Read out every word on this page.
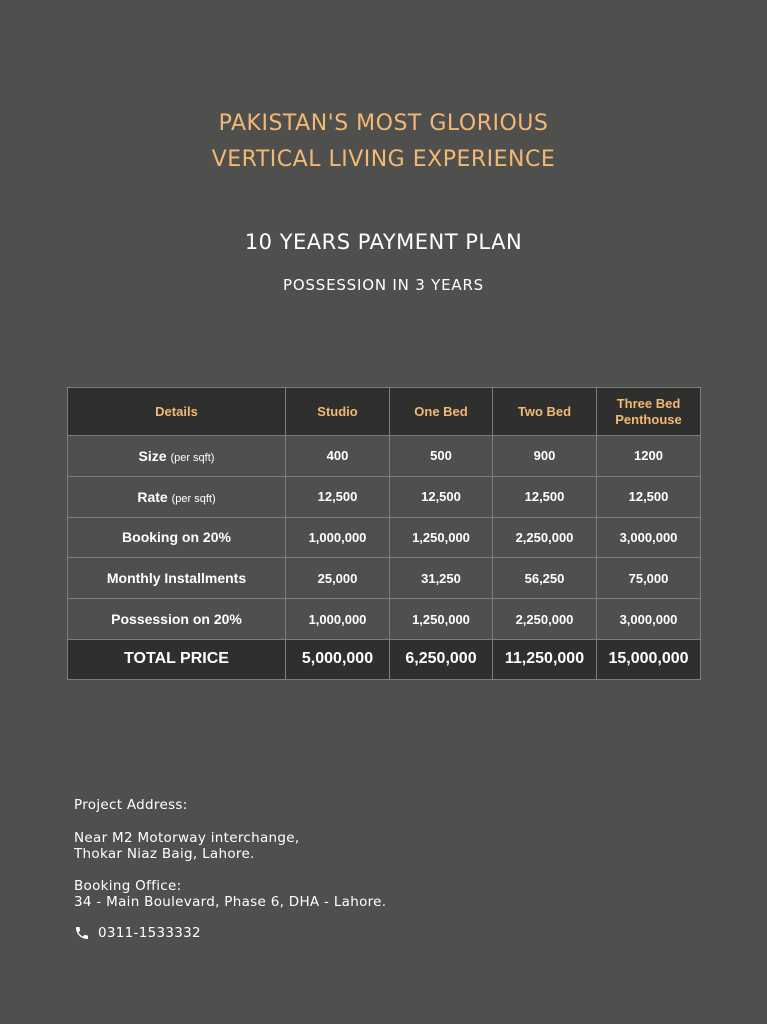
PAKISTAN'S MOST GLORIOUS
VERTICAL LIVING EXPERIENCE
10 YEARS PAYMENT PLAN
POSSESSION IN 3 YEARS
Details	Studio	One Bed	Two Bed	Three Bed Penthouse
Size (per sqft)	400	500	900	1200
Rate (per sqft)	12,500	12,500	12,500	12,500
Booking on 20%	1,000,000	1,250,000	2,250,000	3,000,000
Monthly Installments	25,000	31,250	56,250	75,000
Possession on 20%	1,000,000	1,250,000	2,250,000	3,000,000
TOTAL PRICE	5,000,000	6,250,000	11,250,000	15,000,000
Project Address:
Near M2 Motorway interchange,
Thokar Niaz Baig, Lahore.
Booking Office:
34 - Main Boulevard, Phase 6, DHA - Lahore.
0311-1533332
